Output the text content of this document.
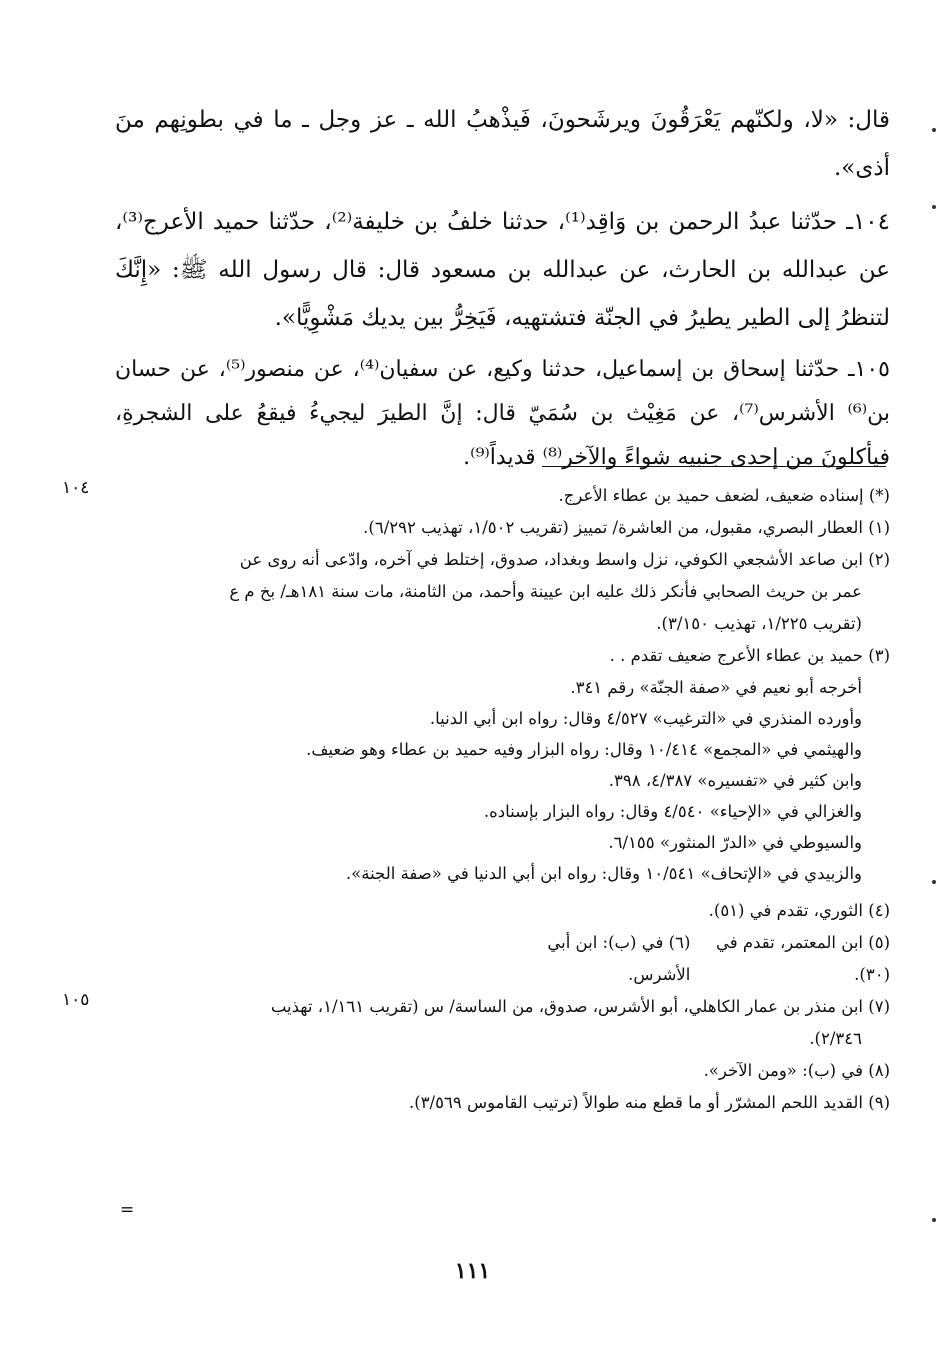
قال: «لا، ولكنّهم يَعْرَقُونَ ويرشَحونَ، فَيذْهبُ الله ـ عز وجل ـ ما في بطونِهم منَ أذى».

١٠٤ـ حدّثنا عبدُ الرحمن بن وَاقِد⁽¹⁾، حدثنا خلفُ بن خليفة⁽²⁾، حدّثنا حميد الأعرج⁽³⁾، عن عبدالله بن الحارث، عن عبدالله بن مسعود قال: قال رسول الله ﷺ: «إِنَّكَ لتنظرُ إلى الطير يطيرُ في الجنّة فتشتهيه، فَيَخِرُّ بين يديك مَشْوِيًّا».

١٠٥ـ حدّثنا إسحاق بن إسماعيل، حدثنا وكيع، عن سفيان⁽⁴⁾، عن منصور⁽⁵⁾، عن حسان بن⁽⁶⁾ الأشرس⁽⁷⁾، عن مَغِيْث بن سُمَيّ قال: إنَّ الطيرَ ليجيءُ فيقعُ على الشجرةِ، فيأكلونَ من إحدى جنبيه شواءً والآخر⁽⁸⁾ قديداً⁽⁹⁾.

(*) إسناده ضعيف، لضعف حميد بن عطاء الأعرج.

(١) العطار البصري، مقبول، من العاشرة/ تمييز (تقريب ١/٥٠٢، تهذيب ٦/٢٩٢).

(٢) ابن صاعد الأشجعي الكوفي، نزل واسط وبغداد، صدوق، إختلط في آخره، وادّعى أنه روى عن

عمر بن حريث الصحابي فأنكر ذلك عليه ابن عيينة وأحمد، من الثامنة، مات سنة ١٨١هـ/ بخ م ع

(تقريب ١/٢٢٥، تهذيب ٣/١٥٠).

(٣) حميد بن عطاء الأعرج ضعيف تقدم . .

أخرجه أبو نعيم في «صفة الجنّة» رقم ٣٤١.

وأورده المنذري في «الترغيب» ٤/٥٢٧ وقال: رواه ابن أبي الدنيا.

والهيثمي في «المجمع» ١٠/٤١٤ وقال: رواه البزار وفيه حميد بن عطاء وهو ضعيف.

وابن كثير في «تفسيره» ٤/٣٨٧، ٣٩٨.

والغزالي في «الإحياء» ٤/٥٤٠ وقال: رواه البزار بإسناده.

والسيوطي في «الدرّ المنثور» ٦/١٥٥.

والزبيدي في «الإتحاف» ١٠/٥٤١ وقال: رواه ابن أبي الدنيا في «صفة الجنة».

(٤) الثوري، تقدم في (٥١).

(٥) ابن المعتمر، تقدم في (٣٠).
(٦) في (ب): ابن أبي الأشرس.

(٧) ابن منذر بن عمار الكاهلي، أبو الأشرس، صدوق، من الساسة/ س (تقريب ١/١٦١، تهذيب

٢/٣٤٦).

(٨) في (ب): «ومن الآخر».

(٩) القديد اللحم المشرّر أو ما قطع منه طوالاً (ترتيب القاموس ٣/٥٦٩).

١٠٤
١٠٥
=
١١١
